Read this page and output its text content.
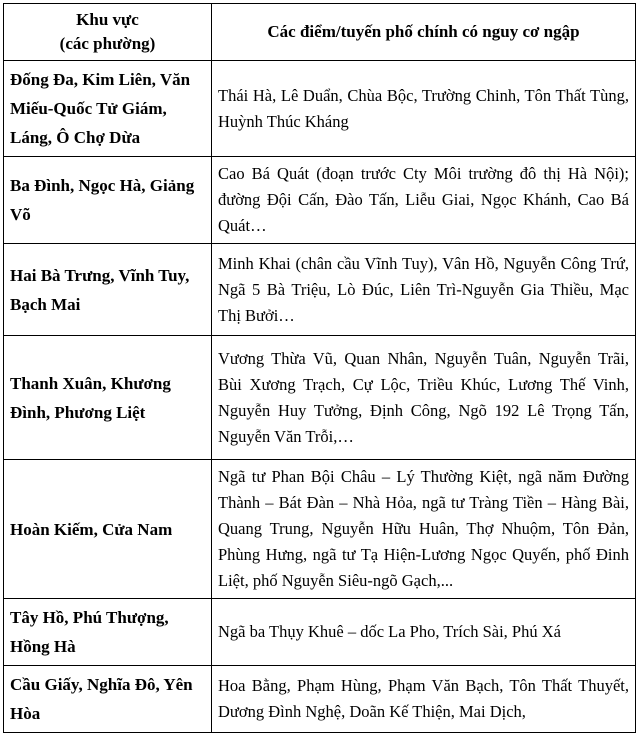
Khu vực
(các phường)	Các điểm/tuyến phố chính có nguy cơ ngập
Đống Đa, Kim Liên, Văn Miếu-Quốc Tử Giám, Láng, Ô Chợ Dừa	Thái Hà, Lê Duẩn, Chùa Bộc, Trường Chinh, Tôn Thất Tùng, Huỳnh Thúc Kháng
Ba Đình, Ngọc Hà, Giảng Võ	Cao Bá Quát (đoạn trước Cty Môi trường đô thị Hà Nội); đường Đội Cấn, Đào Tấn, Liễu Giai, Ngọc Khánh, Cao Bá Quát…
Hai Bà Trưng, Vĩnh Tuy, Bạch Mai	Minh Khai (chân cầu Vĩnh Tuy), Vân Hồ, Nguyễn Công Trứ, Ngã 5 Bà Triệu, Lò Đúc, Liên Trì-Nguyễn Gia Thiều, Mạc Thị Bưởi…
Thanh Xuân, Khương Đình, Phương Liệt	Vương Thừa Vũ, Quan Nhân, Nguyễn Tuân, Nguyễn Trãi, Bùi Xương Trạch, Cự Lộc, Triều Khúc, Lương Thế Vinh, Nguyễn Huy Tưởng, Định Công, Ngõ 192 Lê Trọng Tấn, Nguyễn Văn Trỗi,…
Hoàn Kiếm, Cửa Nam	Ngã tư Phan Bội Châu – Lý Thường Kiệt, ngã năm Đường Thành – Bát Đàn – Nhà Hỏa, ngã tư Tràng Tiền – Hàng Bài, Quang Trung, Nguyễn Hữu Huân, Thợ Nhuộm, Tôn Đản, Phùng Hưng, ngã tư Tạ Hiện-Lương Ngọc Quyến, phố Đinh Liệt, phố Nguyễn Siêu-ngõ Gạch,...
Tây Hồ, Phú Thượng, Hồng Hà	Ngã ba Thụy Khuê – dốc La Pho, Trích Sài, Phú Xá
Cầu Giấy, Nghĩa Đô, Yên Hòa	Hoa Bằng, Phạm Hùng, Phạm Văn Bạch, Tôn Thất Thuyết, Dương Đình Nghệ, Doãn Kế Thiện, Mai Dịch,
